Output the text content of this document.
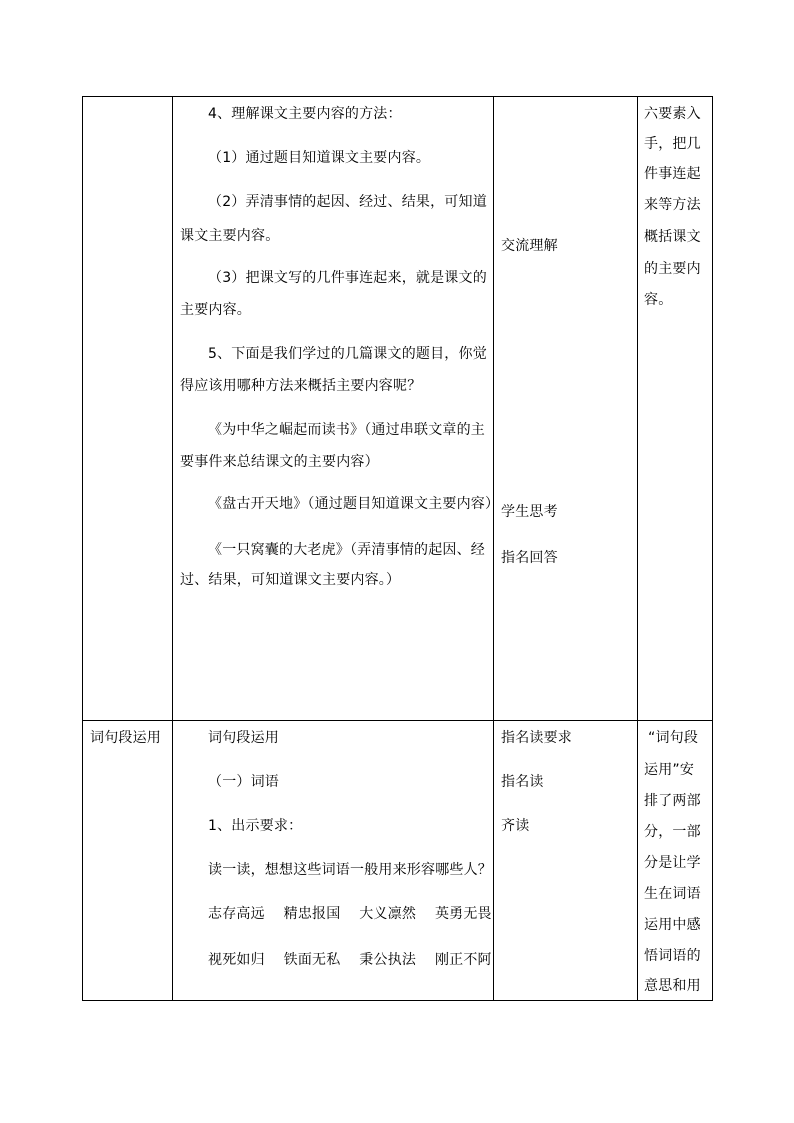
4、理解课文主要内容的方法：
（1）通过题目知道课文主要内容。
（2）弄清事情的起因、经过、结果，可知道
课文主要内容。
（3）把课文写的几件事连起来，就是课文的
主要内容。
5、下面是我们学过的几篇课文的题目，你觉
得应该用哪种方法来概括主要内容呢？
《为中华之崛起而读书》（通过串联文章的主
要事件来总结课文的主要内容）
《盘古开天地》（通过题目知道课文主要内容）
《一只窝囊的大老虎》（弄清事情的起因、经
过、结果，可知道课文主要内容。）
交流理解
学生思考
指名回答
六要素入
手，把几
件事连起
来等方法
概括课文
的主要内
容。
词句段运用	词句段运用
（一）词语
1、出示要求：
读一读，想想这些词语一般用来形容哪些人？
志存高远　 精忠报国　 大义凛然　 英勇无畏
视死如归　 铁面无私　 秉公执法　 刚正不阿
指名读要求
指名读
齐读
“词句段
运用”安
排了两部
分，一部
分是让学
生在词语
运用中感
悟词语的
意思和用
